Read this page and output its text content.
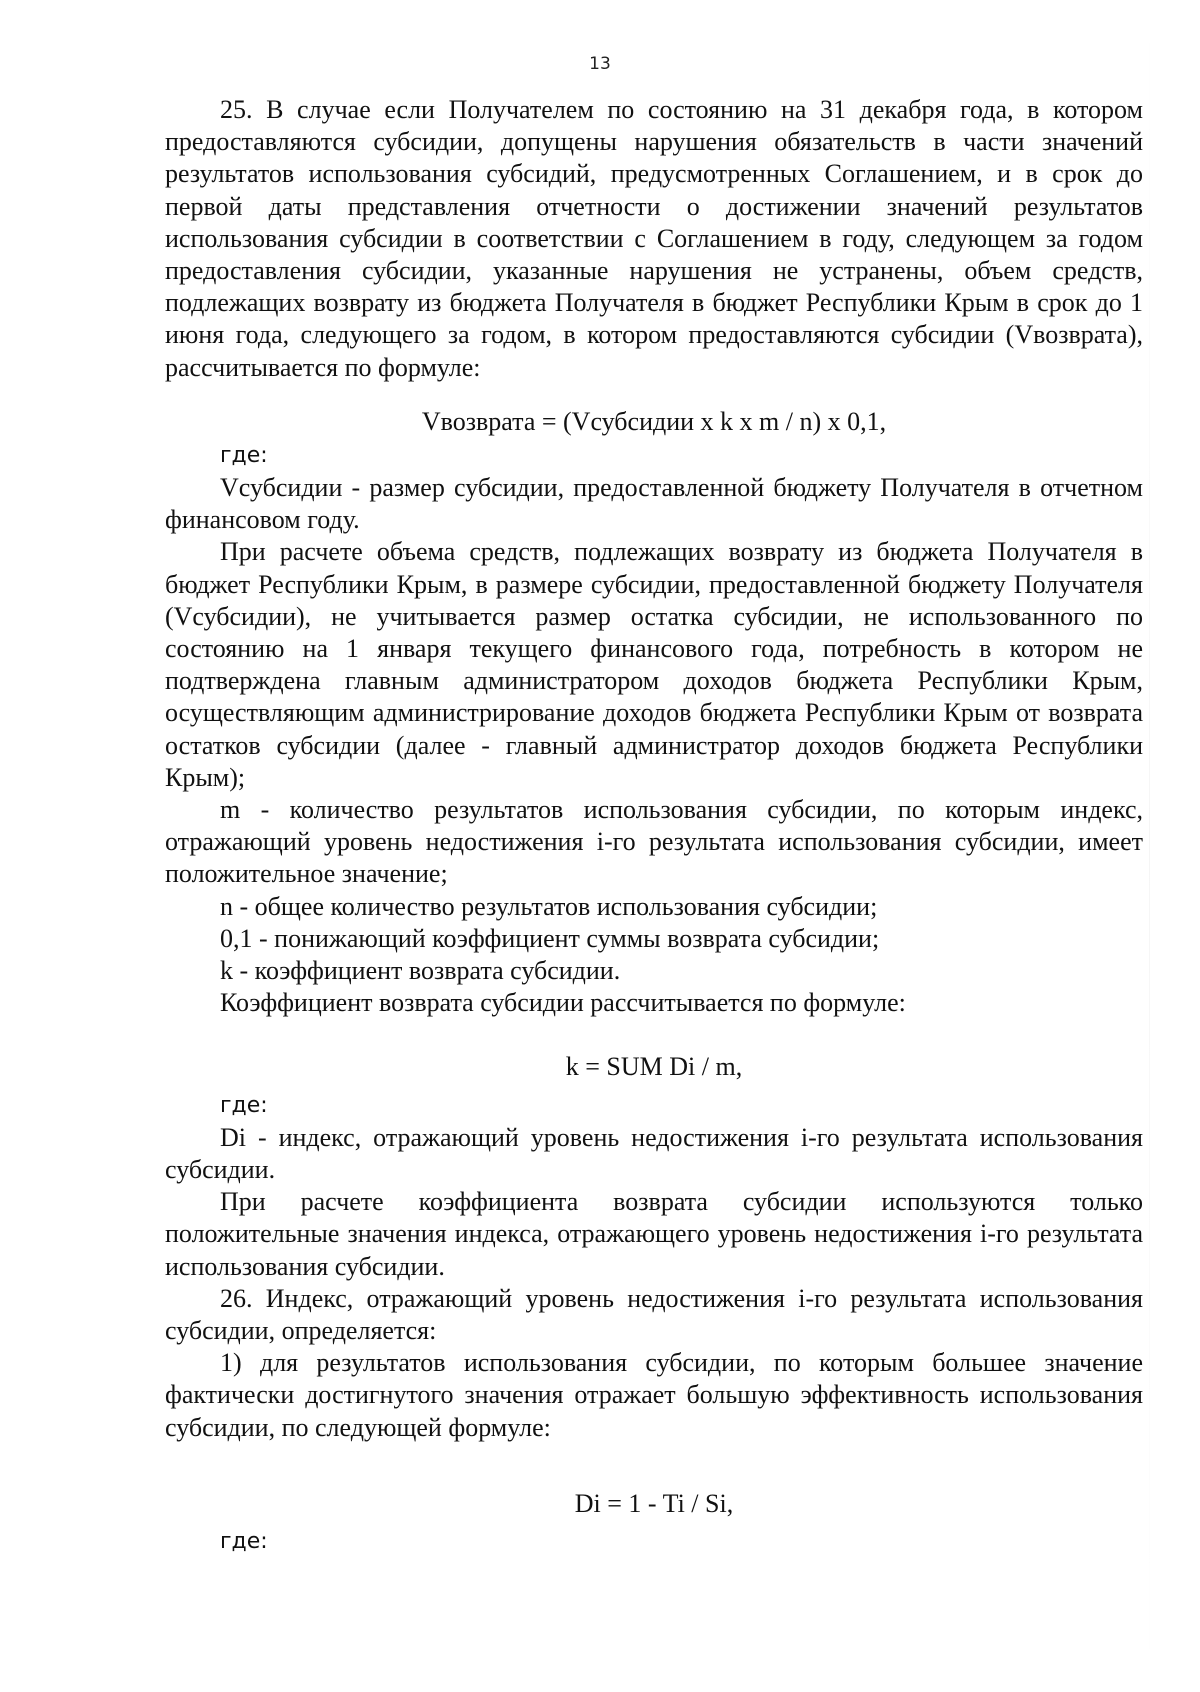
13

25. В случае если Получателем по состоянию на 31 декабря года, в котором предоставляются субсидии, допущены нарушения обязательств в части значений результатов использования субсидий, предусмотренных Соглашением, и в срок до первой даты представления отчетности о достижении значений результатов использования субсидии в соответствии с Соглашением в году, следующем за годом предоставления субсидии, указанные нарушения не устранены, объем средств, подлежащих возврату из бюджета Получателя в бюджет Республики Крым в срок до 1 июня года, следующего за годом, в котором предоставляются субсидии (Vвозврата), рассчитывается по формуле:

Vвозврата = (Vсубсидии x k x m / n) x 0,1,

где:

Vсубсидии - размер субсидии, предоставленной бюджету Получателя в отчетном финансовом году.

При расчете объема средств, подлежащих возврату из бюджета Получателя в бюджет Республики Крым, в размере субсидии, предоставленной бюджету Получателя (Vсубсидии), не учитывается размер остатка субсидии, не использованного по состоянию на 1 января текущего финансового года, потребность в котором не подтверждена главным администратором доходов бюджета Республики Крым, осуществляющим администрирование доходов бюджета Республики Крым от возврата остатков субсидии (далее - главный администратор доходов бюджета Республики Крым);

m - количество результатов использования субсидии, по которым индекс, отражающий уровень недостижения i-го результата использования субсидии, имеет положительное значение;

n - общее количество результатов использования субсидии;

0,1 - понижающий коэффициент суммы возврата субсидии;

k - коэффициент возврата субсидии.

Коэффициент возврата субсидии рассчитывается по формуле:

k = SUM Di / m,

где:

Di - индекс, отражающий уровень недостижения i-го результата использования субсидии.

При расчете коэффициента возврата субсидии используются только положительные значения индекса, отражающего уровень недостижения i-го результата использования субсидии.

26. Индекс, отражающий уровень недостижения i-го результата использования субсидии, определяется:

1) для результатов использования субсидии, по которым большее значение фактически достигнутого значения отражает большую эффективность использования субсидии, по следующей формуле:

Di = 1 - Ti / Si,

где:
